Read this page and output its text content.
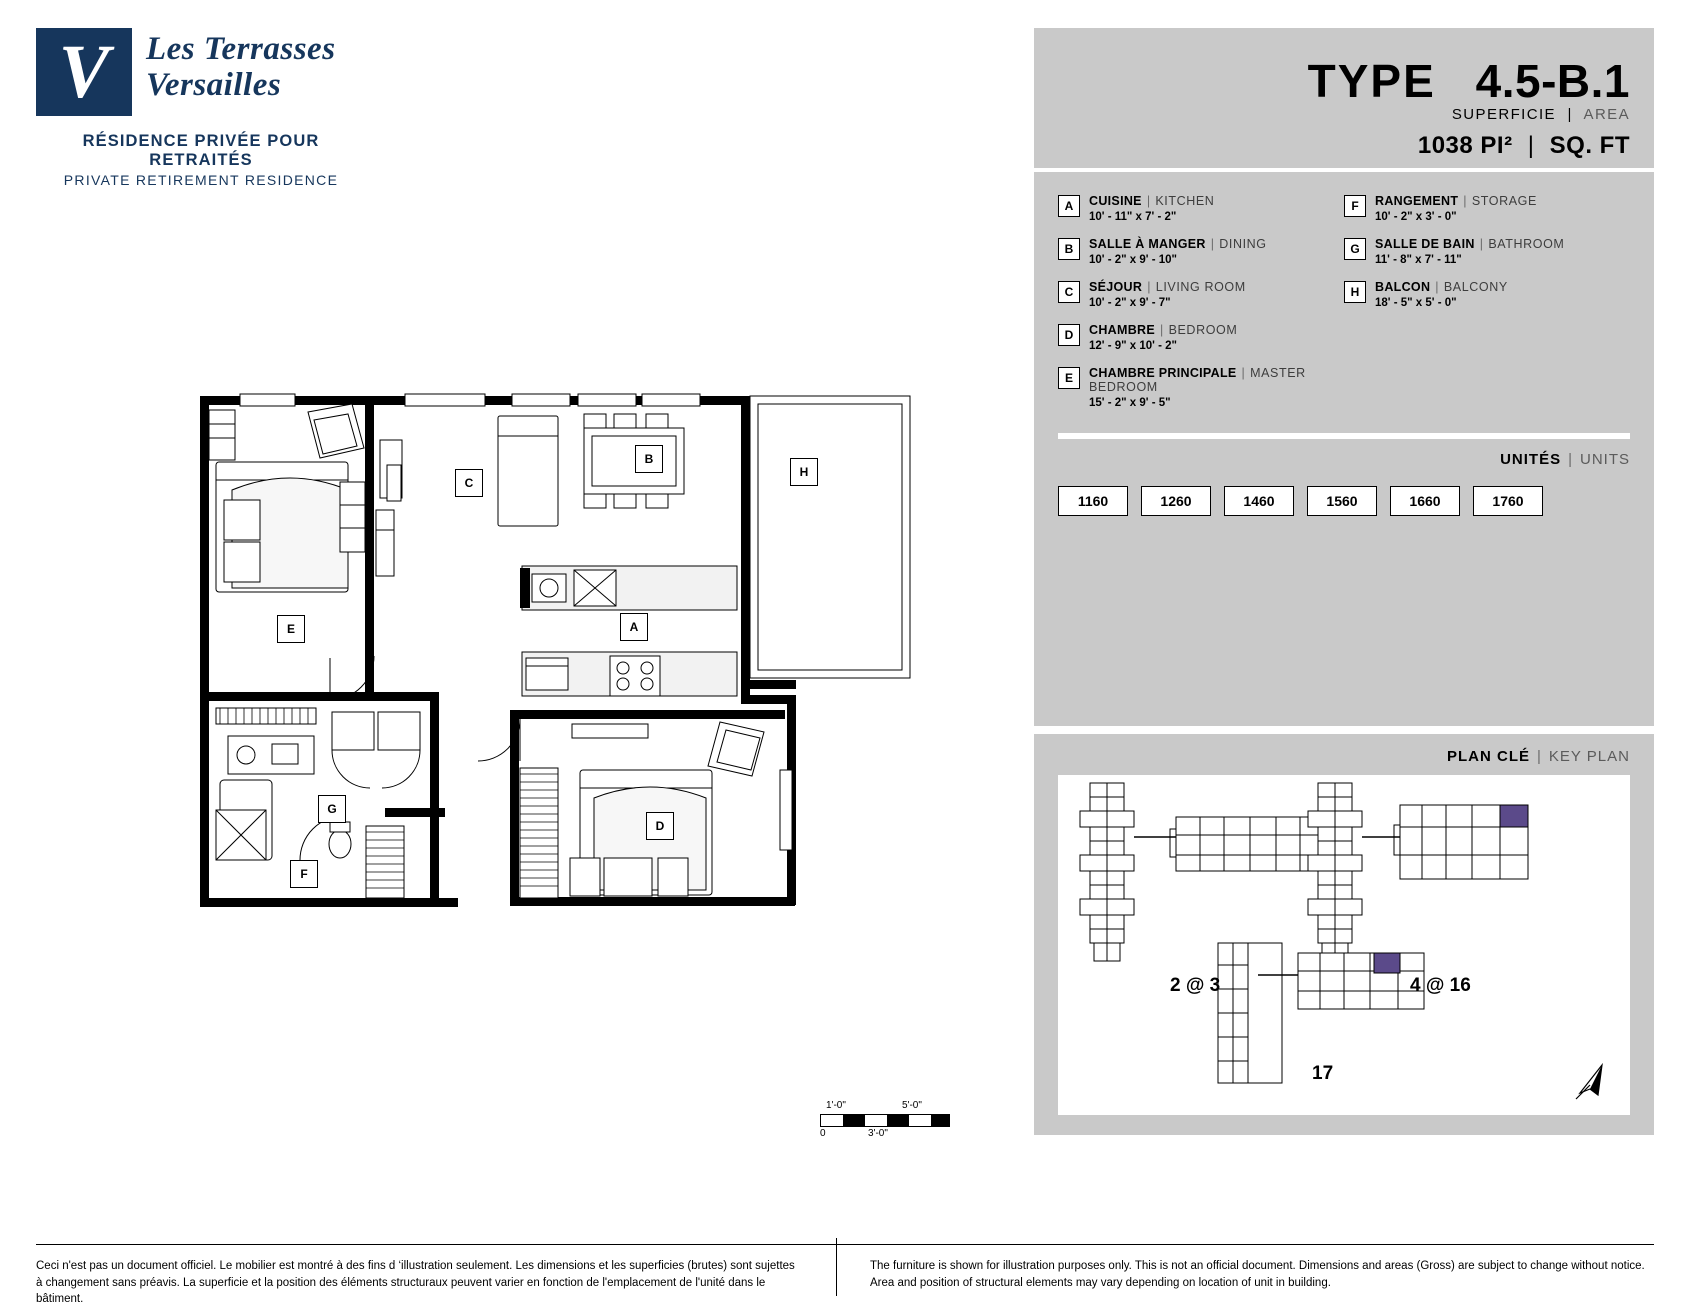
V	Les Terrasses
Versailles
RÉSIDENCE PRIVÉE POUR RETRAITÉS
PRIVATE RETIREMENT RESIDENCE
TYPE 4.5-B.1
SUPERFICIE | AREA
1038 PI² | SQ. FT
A	CUISINE | KITCHEN
10' - 11" x 7' - 2"
B	SALLE À MANGER | DINING
10' - 2" x 9' - 10"
C	SÉJOUR | LIVING ROOM
10' - 2" x 9' - 7"
D	CHAMBRE | BEDROOM
12' - 9" x 10' - 2"
E	CHAMBRE PRINCIPALE | MASTER BEDROOM
15' - 2" x 9' - 5"
F	RANGEMENT | STORAGE
10' - 2" x 3' - 0"
G	SALLE DE BAIN | BATHROOM
11' - 8" x 7' - 11"
H	BALCON | BALCONY
18' - 5" x 5' - 0"
UNITÉS | UNITS
1160	1260	1460	1560	1660	1760
PLAN CLÉ | KEY PLAN
2 @ 3	4 @ 16
17
C
B
A
E
G
F
D
H
1'-0"	5'-0"
0	3'-0"
Ceci n'est pas un document officiel. Le mobilier est montré à des fins d ‘illustration seulement. Les dimensions et les superficies (brutes) sont sujettes à changement sans préavis. La superficie et la position des éléments structuraux peuvent varier en fonction de l'emplacement de l'unité dans le bâtiment.
The furniture is shown for illustration purposes only. This is not an official document. Dimensions and areas (Gross) are subject to change without notice. Area and position of structural elements may vary depending on location of unit in building.
